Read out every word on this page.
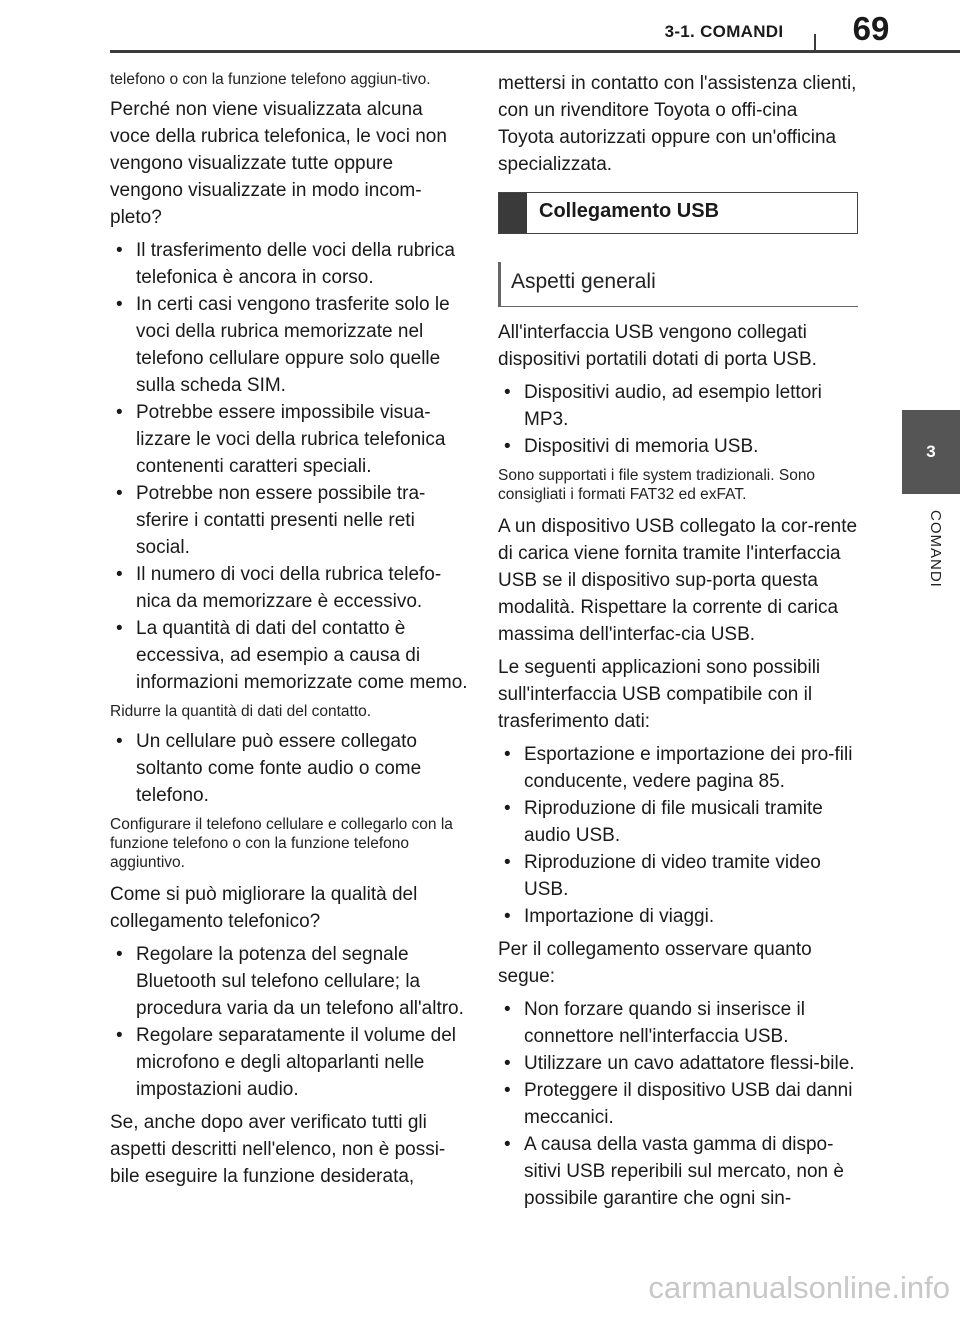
3-1. COMANDI	69
3
COMANDI

telefono o con la funzione telefono aggiun-tivo.

Perché non viene visualizzata alcuna voce della rubrica telefonica, le voci non vengono visualizzate tutte oppure vengono visualizzate in modo incom-pleto?

• Il trasferimento delle voci della rubrica telefonica è ancora in corso.
• In certi casi vengono trasferite solo le voci della rubrica memorizzate nel telefono cellulare oppure solo quelle sulla scheda SIM.
• Potrebbe essere impossibile visua-lizzare le voci della rubrica telefonica contenenti caratteri speciali.
• Potrebbe non essere possibile tra-sferire i contatti presenti nelle reti social.
• Il numero di voci della rubrica telefo-nica da memorizzare è eccessivo.
• La quantità di dati del contatto è eccessiva, ad esempio a causa di informazioni memorizzate come memo.

Ridurre la quantità di dati del contatto.

• Un cellulare può essere collegato soltanto come fonte audio o come telefono.

Configurare il telefono cellulare e collegarlo con la funzione telefono o con la funzione telefono aggiuntivo.

Come si può migliorare la qualità del collegamento telefonico?

• Regolare la potenza del segnale Bluetooth sul telefono cellulare; la procedura varia da un telefono all'altro.
• Regolare separatamente il volume del microfono e degli altoparlanti nelle impostazioni audio.

Se, anche dopo aver verificato tutti gli aspetti descritti nell'elenco, non è possi-bile eseguire la funzione desiderata,

mettersi in contatto con l'assistenza clienti, con un rivenditore Toyota o offi-cina Toyota autorizzati oppure con un'officina specializzata.

Collegamento USB
Aspetti generali

All'interfaccia USB vengono collegati dispositivi portatili dotati di porta USB.

• Dispositivi audio, ad esempio lettori MP3.
• Dispositivi di memoria USB.

Sono supportati i file system tradizionali. Sono consigliati i formati FAT32 ed exFAT.

A un dispositivo USB collegato la cor-rente di carica viene fornita tramite l'interfaccia USB se il dispositivo sup-porta questa modalità. Rispettare la corrente di carica massima dell'interfac-cia USB.

Le seguenti applicazioni sono possibili sull'interfaccia USB compatibile con il trasferimento dati:

• Esportazione e importazione dei pro-fili conducente, vedere pagina 85.
• Riproduzione di file musicali tramite audio USB.
• Riproduzione di video tramite video USB.
• Importazione di viaggi.

Per il collegamento osservare quanto segue:

• Non forzare quando si inserisce il connettore nell'interfaccia USB.
• Utilizzare un cavo adattatore flessi-bile.
• Proteggere il dispositivo USB dai danni meccanici.
• A causa della vasta gamma di dispo-sitivi USB reperibili sul mercato, non è possibile garantire che ogni sin-
carmanualsonline.info
